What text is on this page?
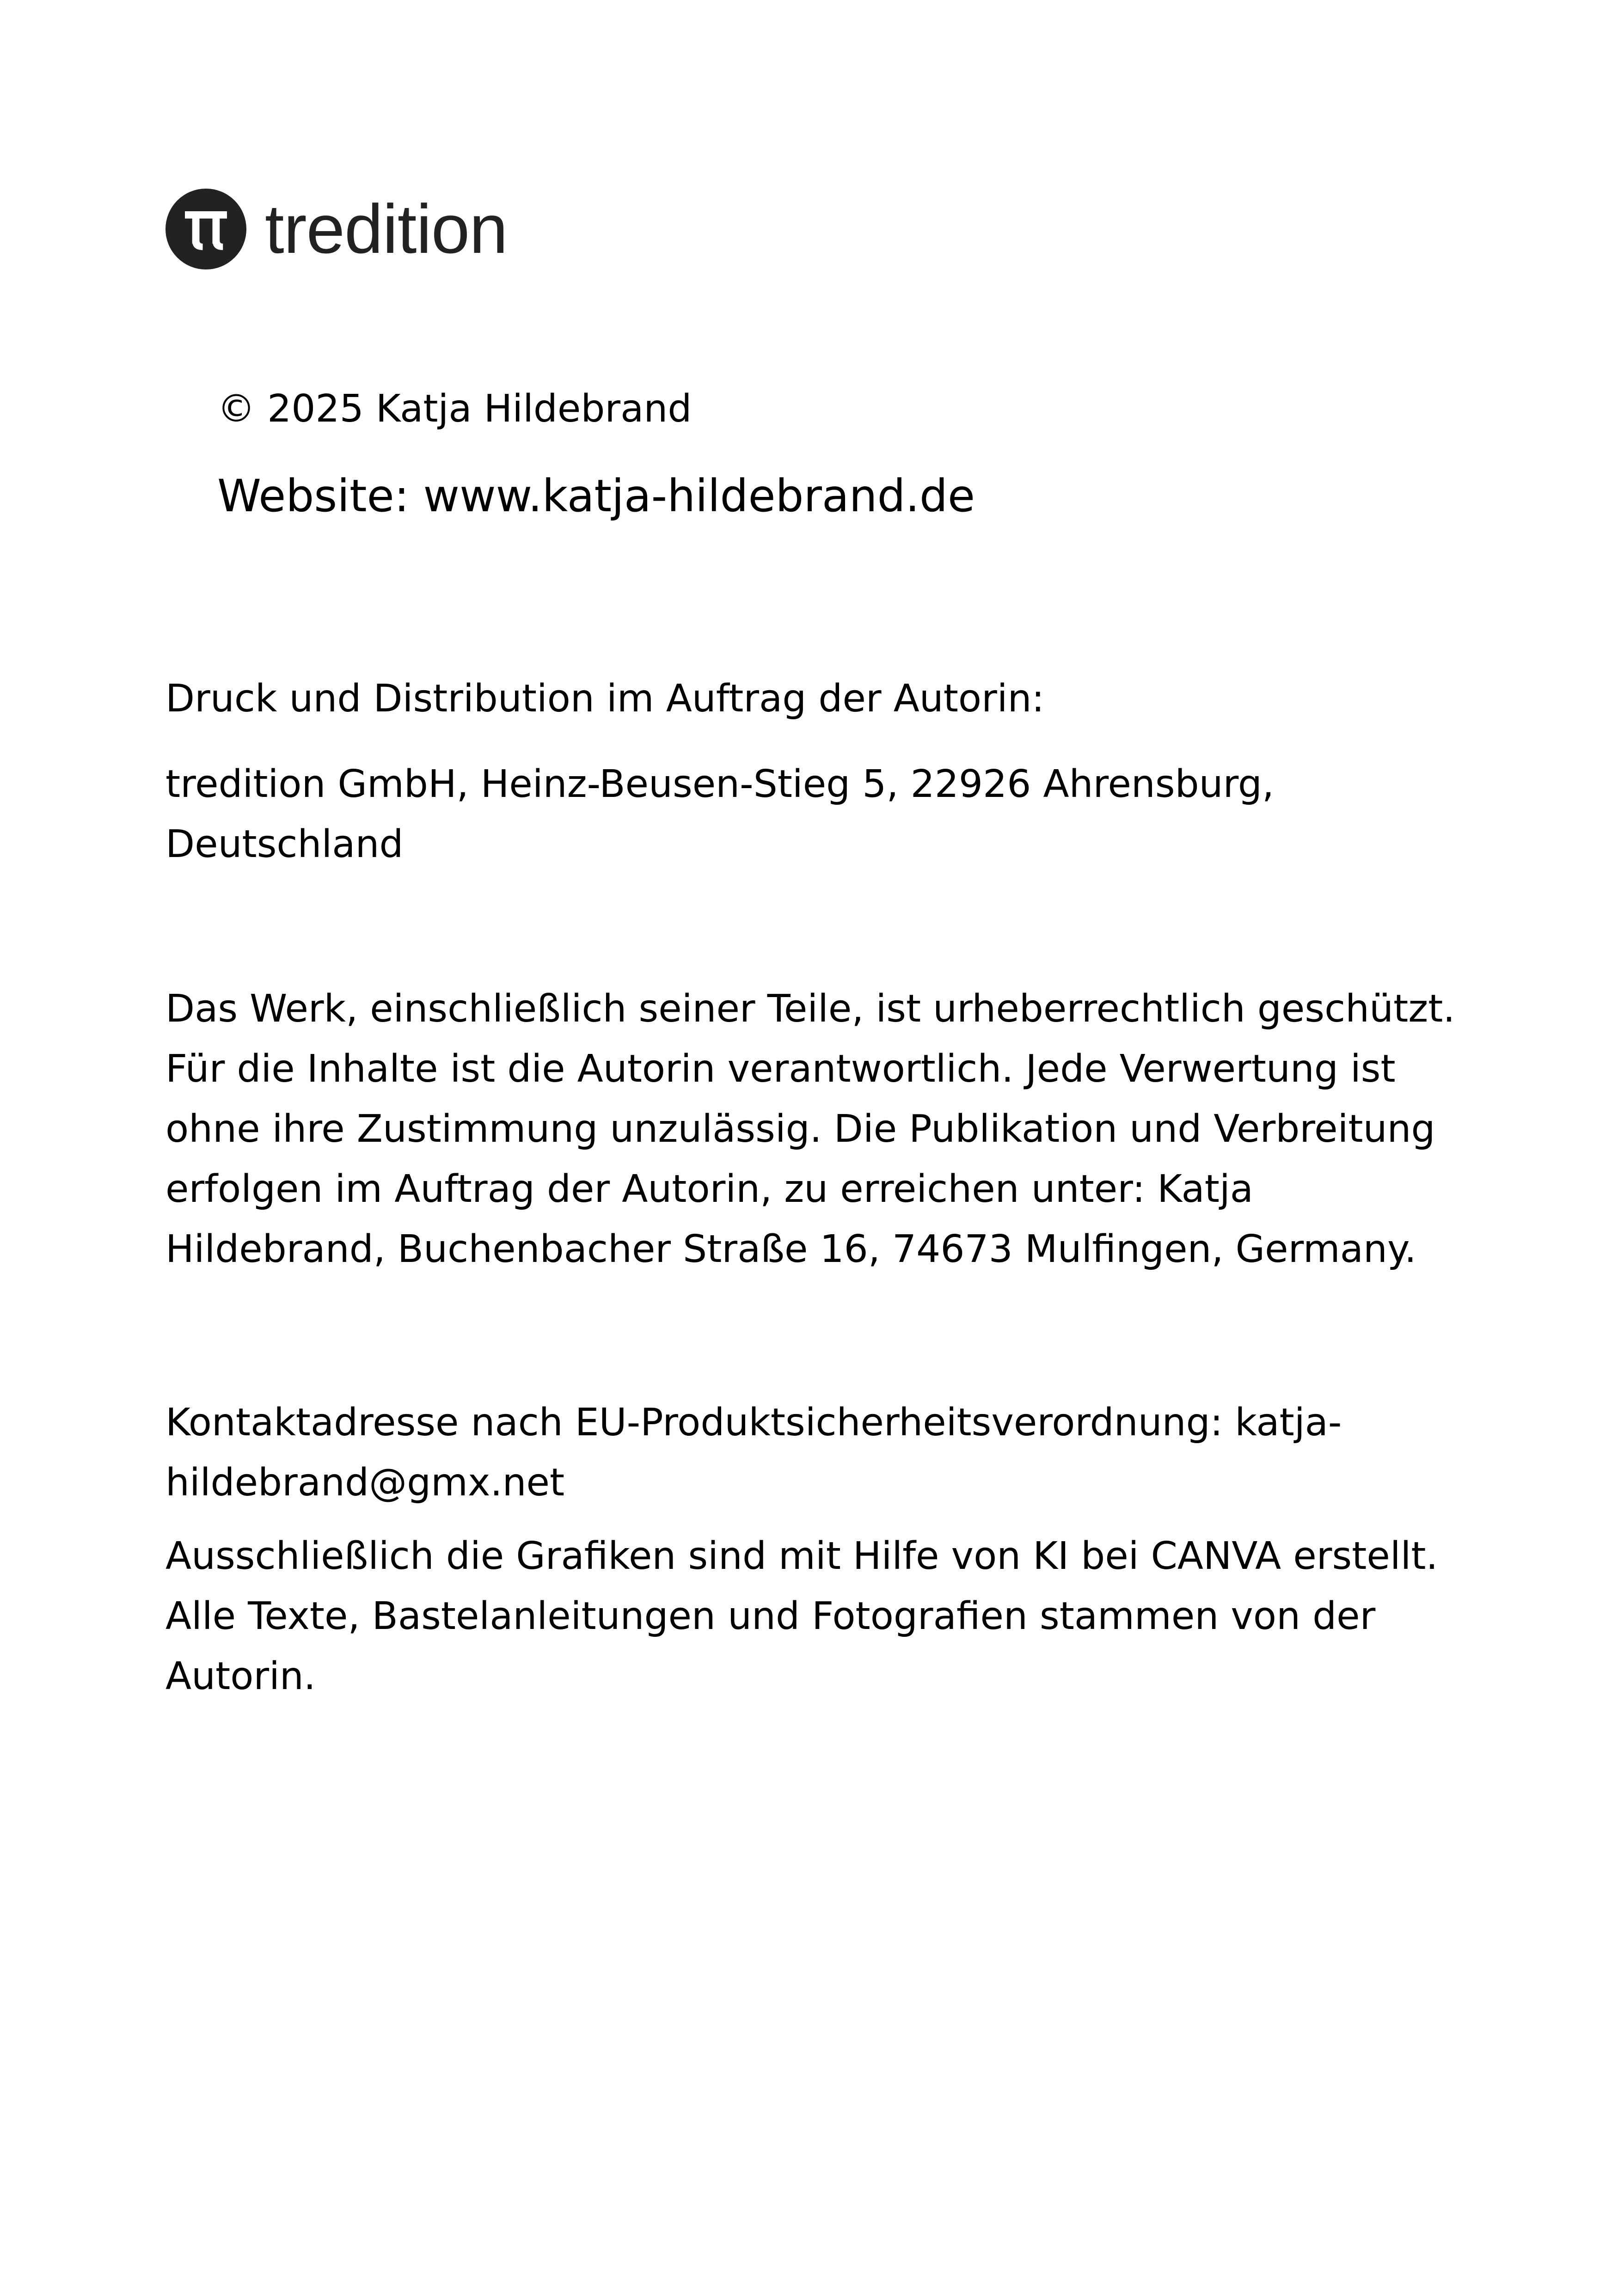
tredition

© 2025 Katja Hildebrand

Website: www.katja-hildebrand.de

Druck und Distribution im Auftrag der Autorin:

tredition GmbH, Heinz-Beusen-Stieg 5, 22926 Ahrensburg, Deutschland

Das Werk, einschließlich seiner Teile, ist urheberrechtlich geschützt. Für die Inhalte ist die Autorin verantwortlich. Jede Verwertung ist ohne ihre Zustimmung unzulässig. Die Publikation und Verbreitung erfolgen im Auftrag der Autorin, zu erreichen unter: Katja Hildebrand, Buchenbacher Straße 16, 74673 Mulfingen, Germany.

Kontaktadresse nach EU-Produktsicherheitsverordnung: katja-hildebrand@gmx.net

Ausschließlich die Grafiken sind mit Hilfe von KI bei CANVA erstellt. Alle Texte, Bastelanleitungen und Fotografien stammen von der Autorin.
